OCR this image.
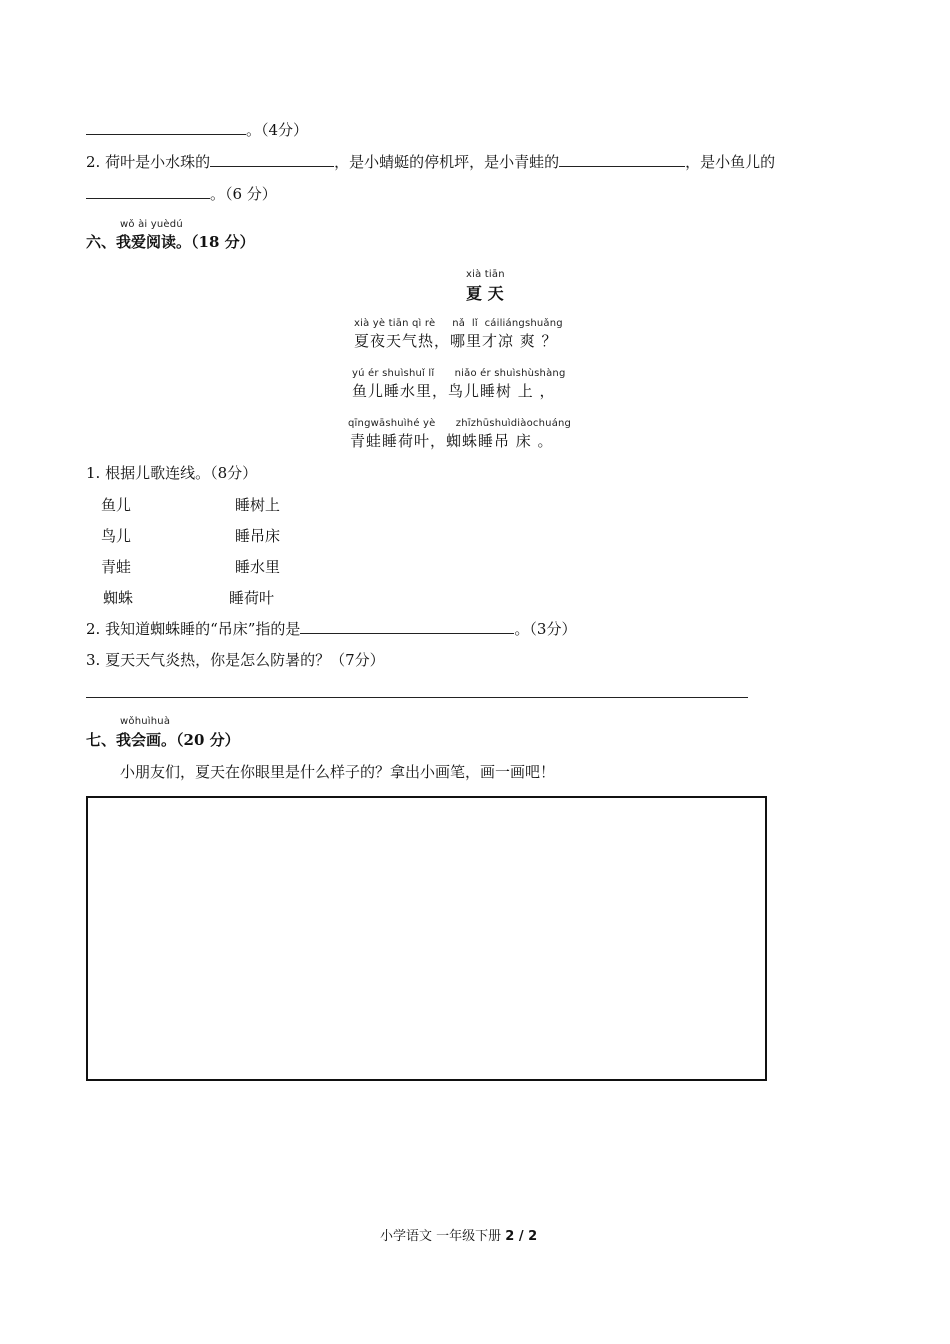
。（4分）
2. 荷叶是小水珠的	，是小蜻蜓的停机坪，是小青蛙的	，是小鱼儿的
。（6 分）
wǒ ài yuèdú
六、我爱阅读。（18 分）
xià tiān
夏 天
xià yè tiān qì rè     nǎ  lǐ  cáiliángshuǎng
夏夜天气热，哪里才凉 爽 ？
yú ér shuìshuǐ lǐ      niǎo ér shuìshùshàng
鱼儿睡水里，鸟儿睡树 上 ，
qīngwāshuìhé yè      zhīzhūshuìdiàochuáng
青蛙睡荷叶，蜘蛛睡吊 床 。
1. 根据儿歌连线。（8分）
鱼儿	睡树上
鸟儿	睡吊床
青蛙	睡水里
蜘蛛	睡荷叶
2. 我知道蜘蛛睡的“吊床”指的是	。（3分）
3. 夏天天气炎热，你是怎么防暑的？（7分）
wǒhuìhuà
七、我会画。（20 分）
小朋友们，夏天在你眼里是什么样子的？拿出小画笔，画一画吧！
小学语文 一年级下册 2 / 2
